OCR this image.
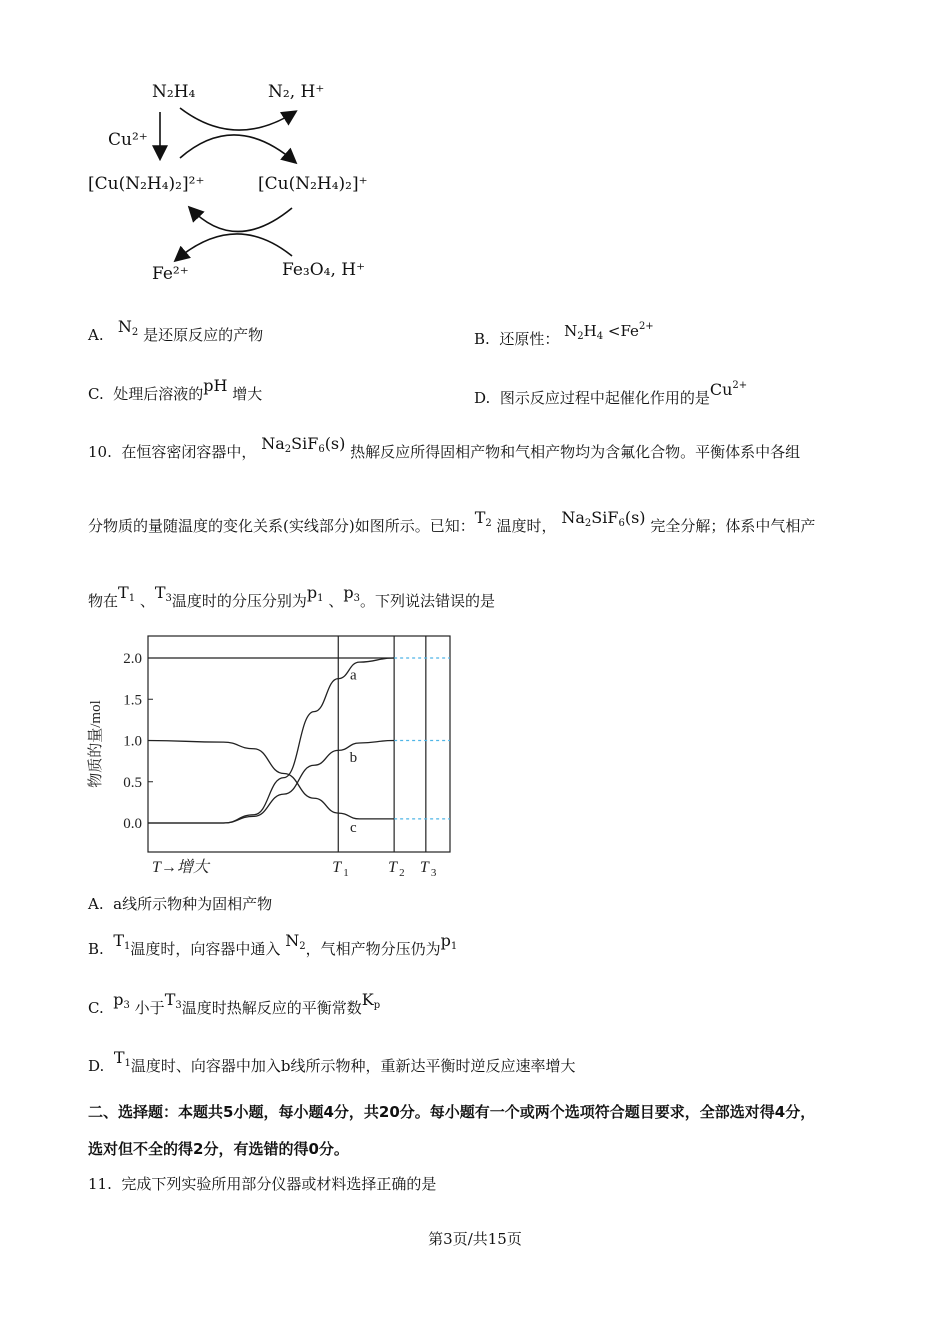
N₂H₄	N₂, H⁺
Cu²⁺
[Cu(N₂H₄)₂]²⁺	[Cu(N₂H₄)₂]⁺
Fe²⁺	Fe₃O₄, H⁺
A. $N^2$ 是还原反应的产物	B. 还原性： $N_2H_4 <Fe^{2+}$
C. 处理后溶液的pH 增大	D. 图示反应过程中起催化作用的是$Cu^{2+}$
10. 在恒容密闭容器中， $Na_2SiF_6(s)$ 热解反应所得固相产物和气相产物均为含氟化合物。平衡体系中各组
分物质的量随温度的变化关系(实线部分)如图所示。已知：$T^2$ 温度时， $Na_2SiF_6(s)$ 完全分解；体系中气相产
物在$T^1$ 、$T^3$温度时的分压分别为$p^1$ 、$p^3$。下列说法错误的是
2.0
1.5
1.0
0.5
0.0
物质的量/mol
a
b
c
T→增大	T 1 T 2 T 3
A. a线所示物种为固相产物
B. $T^1$温度时，向容器中通入 $N^2$，气相产物分压仍为$p^1$
C. $p^3$ 小于$T^3$温度时热解反应的平衡常数$K^p$
D. $T^1$温度时、向容器中加入b线所示物种，重新达平衡时逆反应速率增大
二、选择题：本题共5小题，每小题4分，共20分。每小题有一个或两个选项符合题目要求，全部选对得4分，
选对但不全的得2分，有选错的得0分。
11. 完成下列实验所用部分仪器或材料选择正确的是
第3页/共15页
